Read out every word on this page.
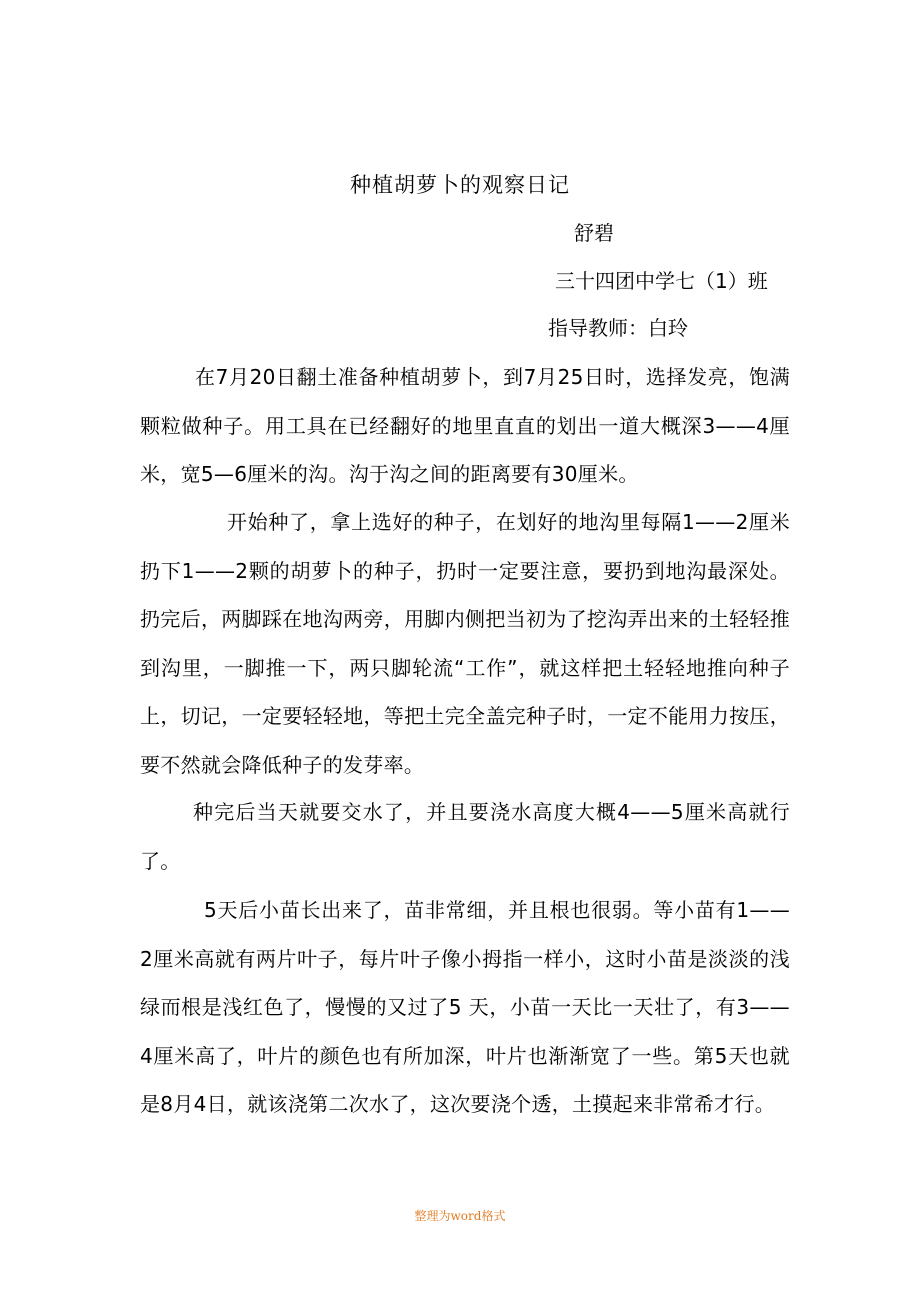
种植胡萝卜的观察日记
舒碧
三十四团中学七（1）班
指导教师：白玲
在7月20日翻土准备种植胡萝卜，到7月25日时，选择发亮，饱满颗粒做种子。用工具在已经翻好的地里直直的划出一道大概深3——4厘米，宽5—6厘米的沟。沟于沟之间的距离要有30厘米。
开始种了，拿上选好的种子，在划好的地沟里每隔1——2厘米扔下1——2颗的胡萝卜的种子，扔时一定要注意，要扔到地沟最深处。扔完后，两脚踩在地沟两旁，用脚内侧把当初为了挖沟弄出来的土轻轻推到沟里，一脚推一下，两只脚轮流“工作”，就这样把土轻轻地推向种子上，切记，一定要轻轻地，等把土完全盖完种子时，一定不能用力按压，要不然就会降低种子的发芽率。
种完后当天就要交水了，并且要浇水高度大概4——5厘米高就行了。
5天后小苗长出来了，苗非常细，并且根也很弱。等小苗有1——2厘米高就有两片叶子，每片叶子像小拇指一样小，这时小苗是淡淡的浅绿而根是浅红色了，慢慢的又过了5 天，小苗一天比一天壮了，有3——4厘米高了，叶片的颜色也有所加深，叶片也渐渐宽了一些。第5天也就是8月4日，就该浇第二次水了，这次要浇个透，土摸起来非常希才行。
整理为word格式
